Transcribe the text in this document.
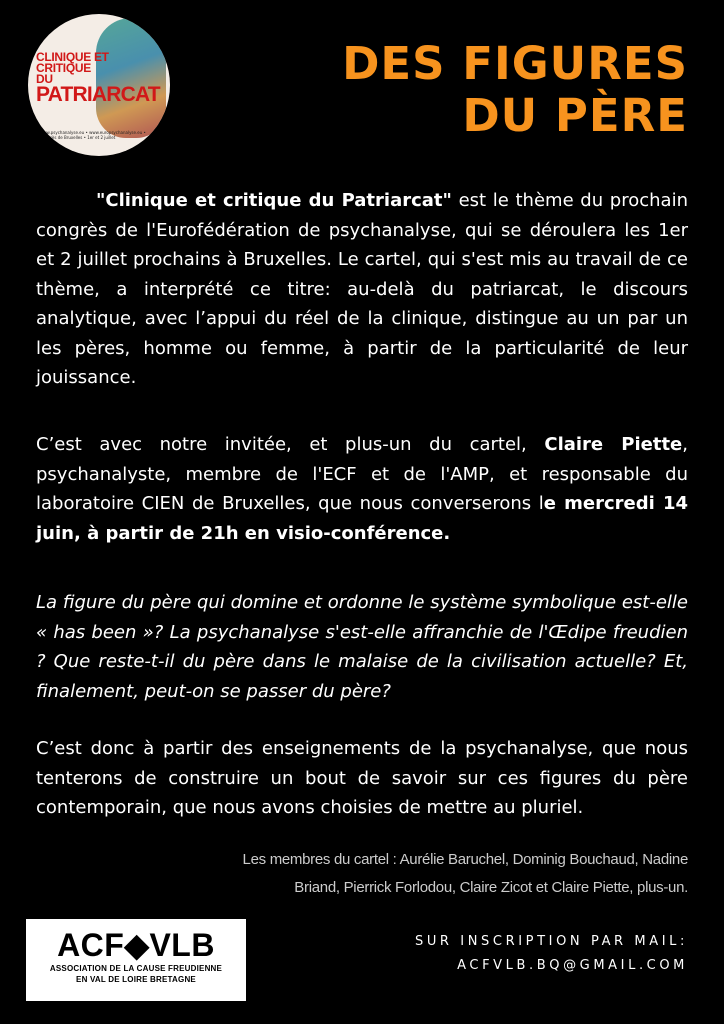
CLINIQUE ET
CRITIQUE
DU
PATRIARCAT
www.psychanalyse.eu • www.europsychanalyse.eu • Congrès de Bruxelles • 1er et 2 juillet
DES FIGURES
DU PÈRE
"Clinique et critique du Patriarcat" est le thème du prochain congrès de l'Eurofédération de psychanalyse, qui se déroulera les 1er et 2 juillet prochains à Bruxelles. Le cartel, qui s'est mis au travail de ce thème, a interprété ce titre: au-delà du patriarcat, le discours analytique, avec l’appui du réel de la clinique, distingue au un par un les pères, homme ou femme, à partir de la particularité de leur jouissance.
C’est avec notre invitée, et plus-un du cartel, Claire Piette, psychanalyste, membre de l'ECF et de l'AMP, et responsable du laboratoire CIEN de Bruxelles, que nous converserons le mercredi 14 juin, à partir de 21h en visio-conférence.
La figure du père qui domine et ordonne le système symbolique est-elle « has been »? La psychanalyse s'est-elle affranchie de l'Œdipe freudien ? Que reste-t-il du père dans le malaise de la civilisation actuelle? Et, finalement, peut-on se passer du père?
C’est donc à partir des enseignements de la psychanalyse, que nous tenterons de construire un bout de savoir sur ces figures du père contemporain, que nous avons choisies de mettre au pluriel.
Les membres du cartel : Aurélie Baruchel, Dominig Bouchaud, Nadine
Briand, Pierrick Forlodou, Claire Zicot et Claire Piette, plus-un.
ACF◆VLB
ASSOCIATION DE LA CAUSE FREUDIENNE
EN VAL DE LOIRE BRETAGNE
SUR INSCRIPTION PAR MAIL:
ACFVLB.BQ@GMAIL.COM
